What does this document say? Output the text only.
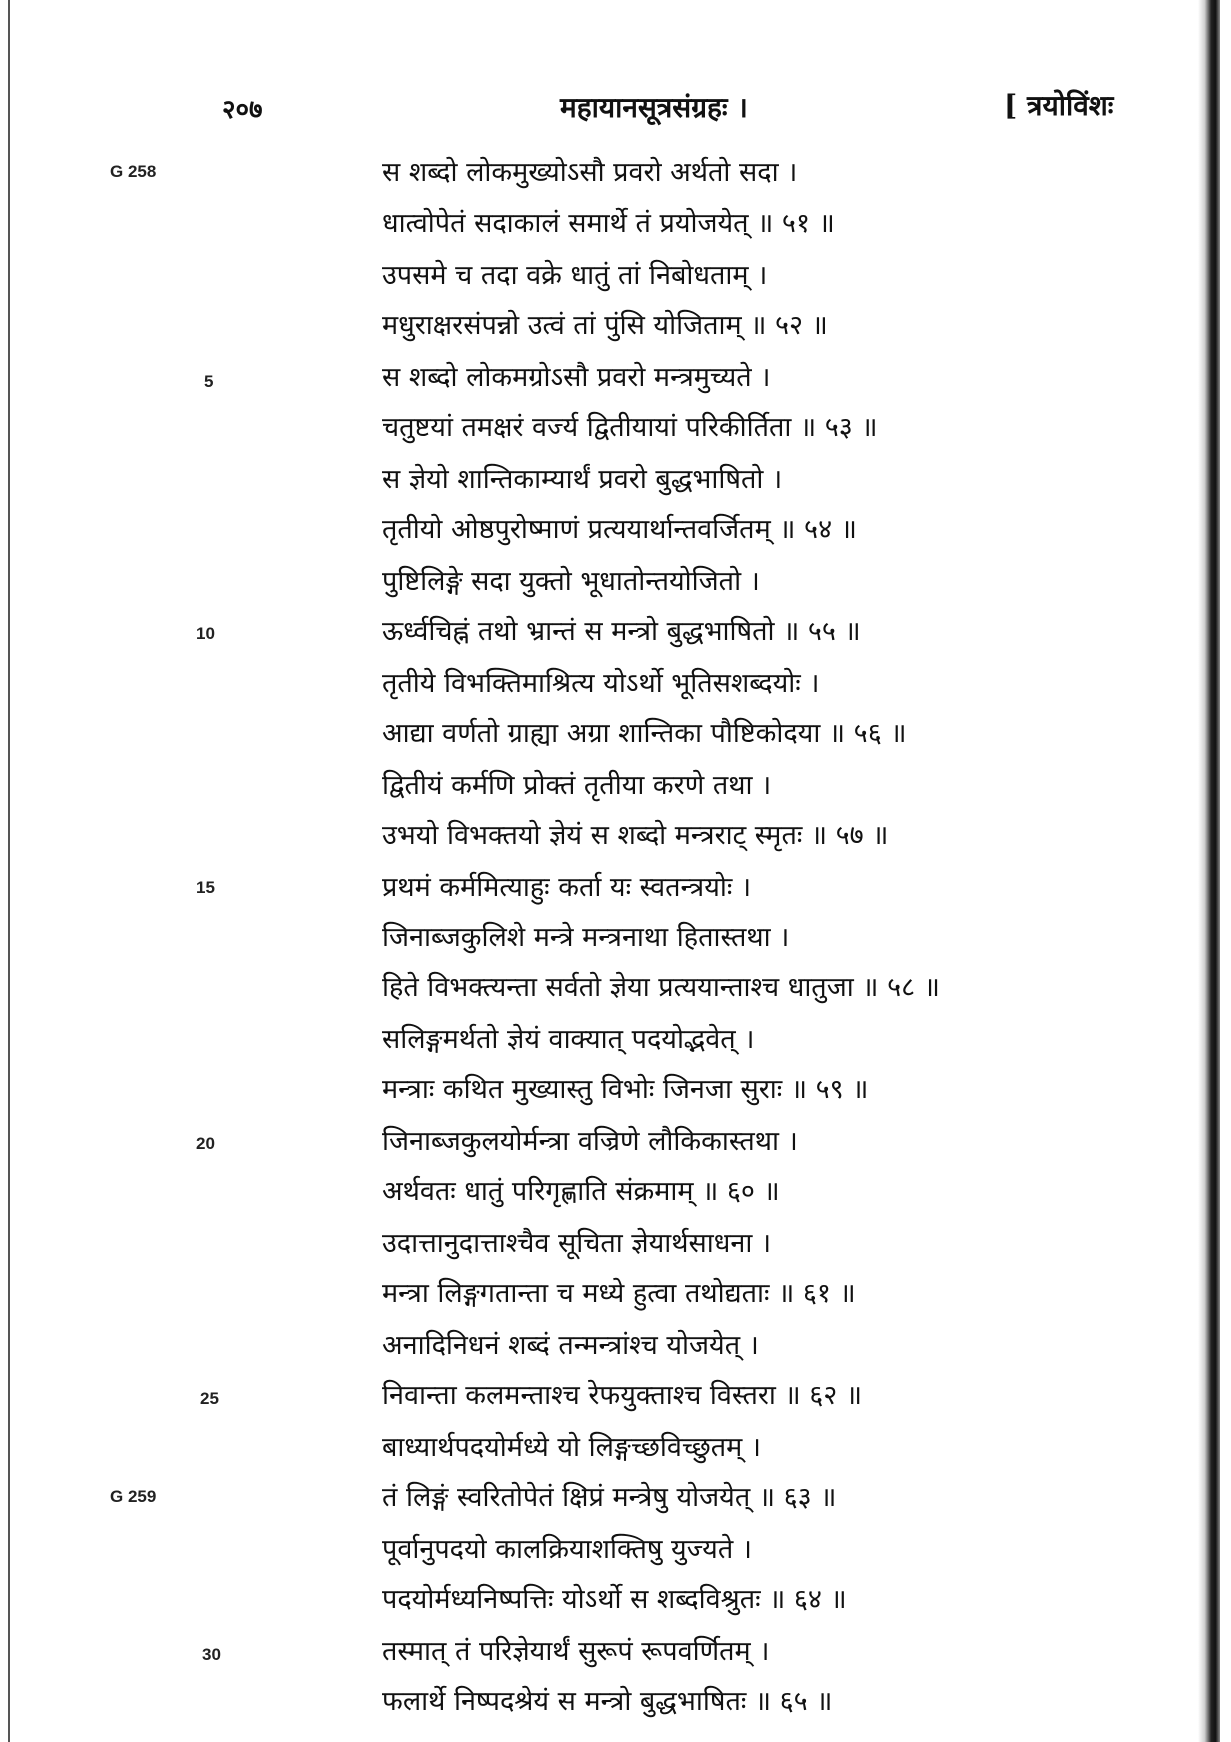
२०७	महायानसूत्रसंग्रहः ।	[ त्रयोविंशः
G 258
5
10
15
20
25
G 259
30
स शब्दो लोकमुख्योऽसौ प्रवरो अर्थतो सदा ।
धात्वोपेतं सदाकालं समार्थे तं प्रयोजयेत् ॥ ५१ ॥
उपसमे च तदा वक्रे धातुं तां निबोधताम् ।
मधुराक्षरसंपन्नो उत्वं तां पुंसि योजिताम् ॥ ५२ ॥
स शब्दो लोकमग्रोऽसौ प्रवरो मन्त्रमुच्यते ।
चतुष्टयां तमक्षरं वर्ज्य द्वितीयायां परिकीर्तिता ॥ ५३ ॥
स ज्ञेयो शान्तिकाम्यार्थं प्रवरो बुद्धभाषितो ।
तृतीयो ओष्ठपुरोष्माणं प्रत्ययार्थान्तवर्जितम् ॥ ५४ ॥
पुष्टिलिङ्गे सदा युक्तो भूधातोन्तयोजितो ।
ऊर्ध्वचिह्नं तथो भ्रान्तं स मन्त्रो बुद्धभाषितो ॥ ५५ ॥
तृतीये विभक्तिमाश्रित्य योऽर्थो भूतिसशब्दयोः ।
आद्या वर्णतो ग्राह्या अग्रा शान्तिका पौष्टिकोदया ॥ ५६ ॥
द्वितीयं कर्मणि प्रोक्तं तृतीया करणे तथा ।
उभयो विभक्तयो ज्ञेयं स शब्दो मन्त्रराट् स्मृतः ॥ ५७ ॥
प्रथमं कर्ममित्याहुः कर्ता यः स्वतन्त्रयोः ।
जिनाब्जकुलिशे मन्त्रे मन्त्रनाथा हितास्तथा ।
हिते विभक्त्यन्ता सर्वतो ज्ञेया प्रत्ययान्ताश्च धातुजा ॥ ५८ ॥
सलिङ्गमर्थतो ज्ञेयं वाक्यात् पदयोद्भवेत् ।
मन्त्राः कथित मुख्यास्तु विभोः जिनजा सुराः ॥ ५९ ॥
जिनाब्जकुलयोर्मन्त्रा वज्रिणे लौकिकास्तथा ।
अर्थवतः धातुं परिगृह्णाति संक्रमाम् ॥ ६० ॥
उदात्तानुदात्ताश्चैव सूचिता ज्ञेयार्थसाधना ।
मन्त्रा लिङ्गगतान्ता च मध्ये हुत्वा तथोद्यताः ॥ ६१ ॥
अनादिनिधनं शब्दं तन्मन्त्रांश्च योजयेत् ।
निवान्ता कलमन्ताश्च रेफयुक्ताश्च विस्तरा ॥ ६२ ॥
बाध्यार्थपदयोर्मध्ये यो लिङ्गच्छविच्छुतम् ।
तं लिङ्गं स्वरितोपेतं क्षिप्रं मन्त्रेषु योजयेत् ॥ ६३ ॥
पूर्वानुपदयो कालक्रियाशक्तिषु युज्यते ।
पदयोर्मध्यनिष्पत्तिः योऽर्थो स शब्दविश्रुतः ॥ ६४ ॥
तस्मात् तं परिज्ञेयार्थं सुरूपं रूपवर्णितम् ।
फलार्थे निष्पदश्रेयं स मन्त्रो बुद्धभाषितः ॥ ६५ ॥
